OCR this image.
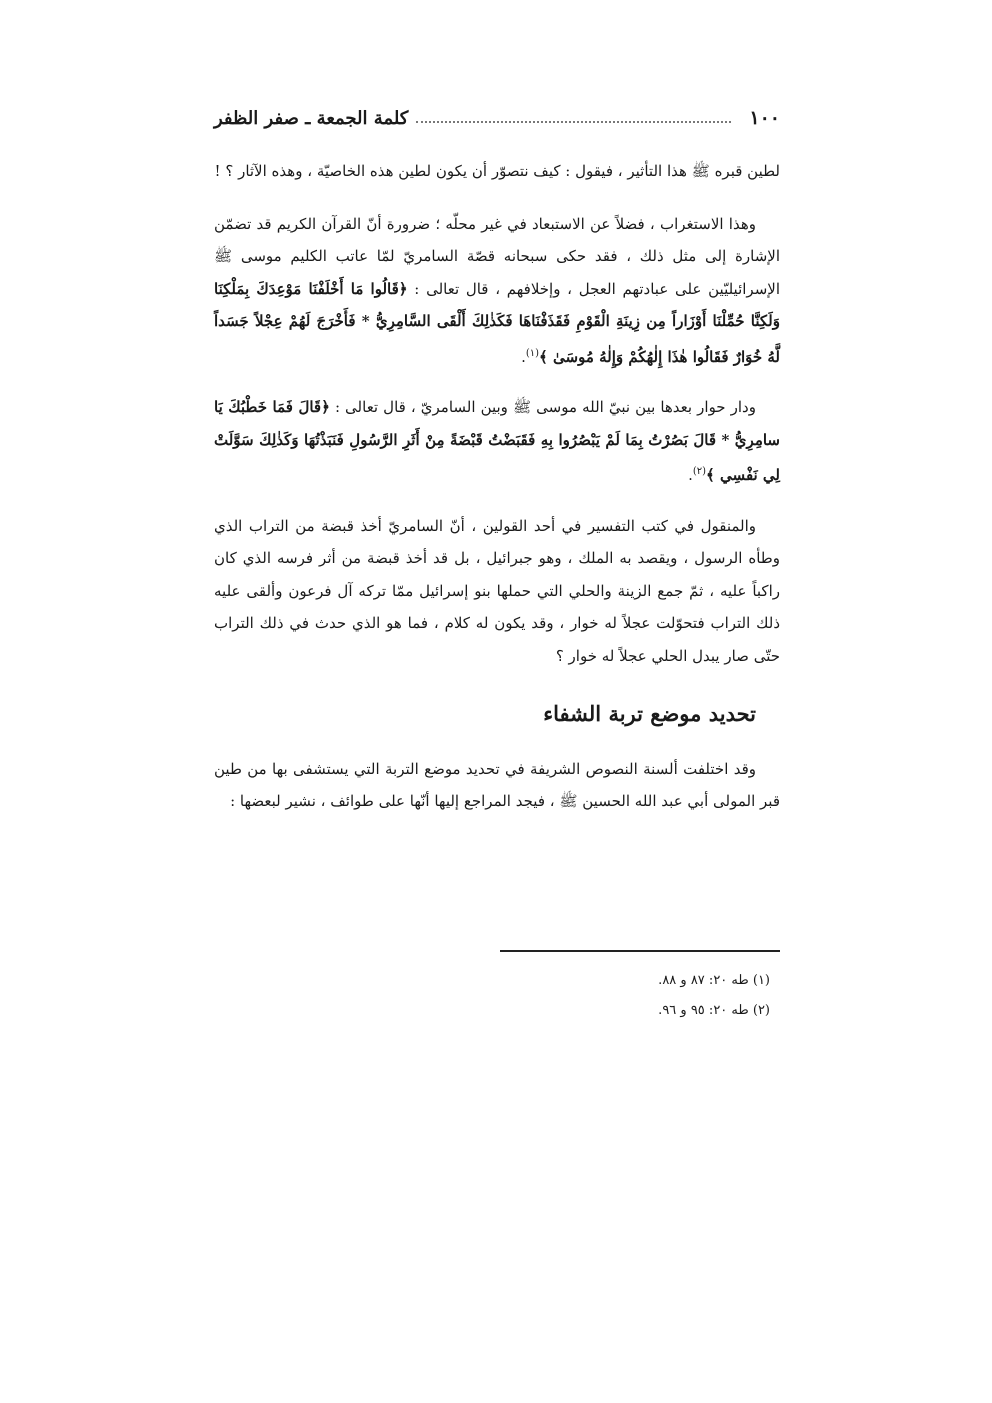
١٠٠
كلمة الجمعة ـ صفر الظفر

لطين قبره ﷺ هذا التأثير ، فيقول : كيف نتصوّر أن يكون لطين هذه الخاصيّة ، وهذه الآثار ؟ !

وهذا الاستغراب ، فضلاً عن الاستبعاد في غير محلّه ؛ ضرورة أنّ القرآن الكريم قد تضمّن الإشارة إلى مثل ذلك ، فقد حكى سبحانه قصّة السامريّ لمّا عاتب الكليم موسى ﷺ الإسرائيليّين على عبادتهم العجل ، وإخلافهم ، قال تعالى : ﴿قَالُوا مَا أَخْلَفْنَا مَوْعِدَكَ بِمَلْكِنَا وَلَكِنَّا حُمِّلْنَا أَوْزَاراً مِن زِينَةِ الْقَوْمِ فَقَذَفْنَاهَا فَكَذٰلِكَ أَلْقَى السَّامِرِيُّ * فَأَخْرَجَ لَهُمْ عِجْلاً جَسَداً لَّهُ خُوَارٌ فَقَالُوا هٰذَا إِلٰهُكُمْ وَإِلٰهُ مُوسَىٰ ﴾$^{(١)}$.

ودار حوار بعدها بين نبيّ الله موسى ﷺ وبين السامريّ ، قال تعالى : ﴿قَالَ فَمَا خَطْبُكَ يَا سامِرِيُّ * قَالَ بَصُرْتُ بِمَا لَمْ يَبْصُرُوا بِهِ فَقَبَضْتُ قَبْضَةً مِنْ أَثَرِ الرَّسُولِ فَنَبَذْتُهَا وَكَذٰلِكَ سَوَّلَتْ لِي نَفْسِي ﴾$^{(٢)}$.

والمنقول في كتب التفسير في أحد القولين ، أنّ السامريّ أخذ قبضة من التراب الذي وطأه الرسول ، ويقصد به الملك ، وهو جبرائيل ، بل قد أخذ قبضة من أثر فرسه الذي كان راكباً عليه ، ثمّ جمع الزينة والحلي التي حملها بنو إسرائيل ممّا تركه آل فرعون وألقى عليه ذلك التراب فتحوّلت عجلاً له خوار ، وقد يكون له كلام ، فما هو الذي حدث في ذلك التراب حتّى صار يبدل الحلي عجلاً له خوار ؟

تحديد موضع تربة الشفاء

وقد اختلفت ألسنة النصوص الشريفة في تحديد موضع التربة التي يستشفى بها من طين قبر المولى أبي عبد الله الحسين ﷺ ، فيجد المراجع إليها أنّها على طوائف ، نشير لبعضها :

(١) طه ٢٠: ٨٧ و ٨٨.
(٢) طه ٢٠: ٩٥ و ٩٦.
